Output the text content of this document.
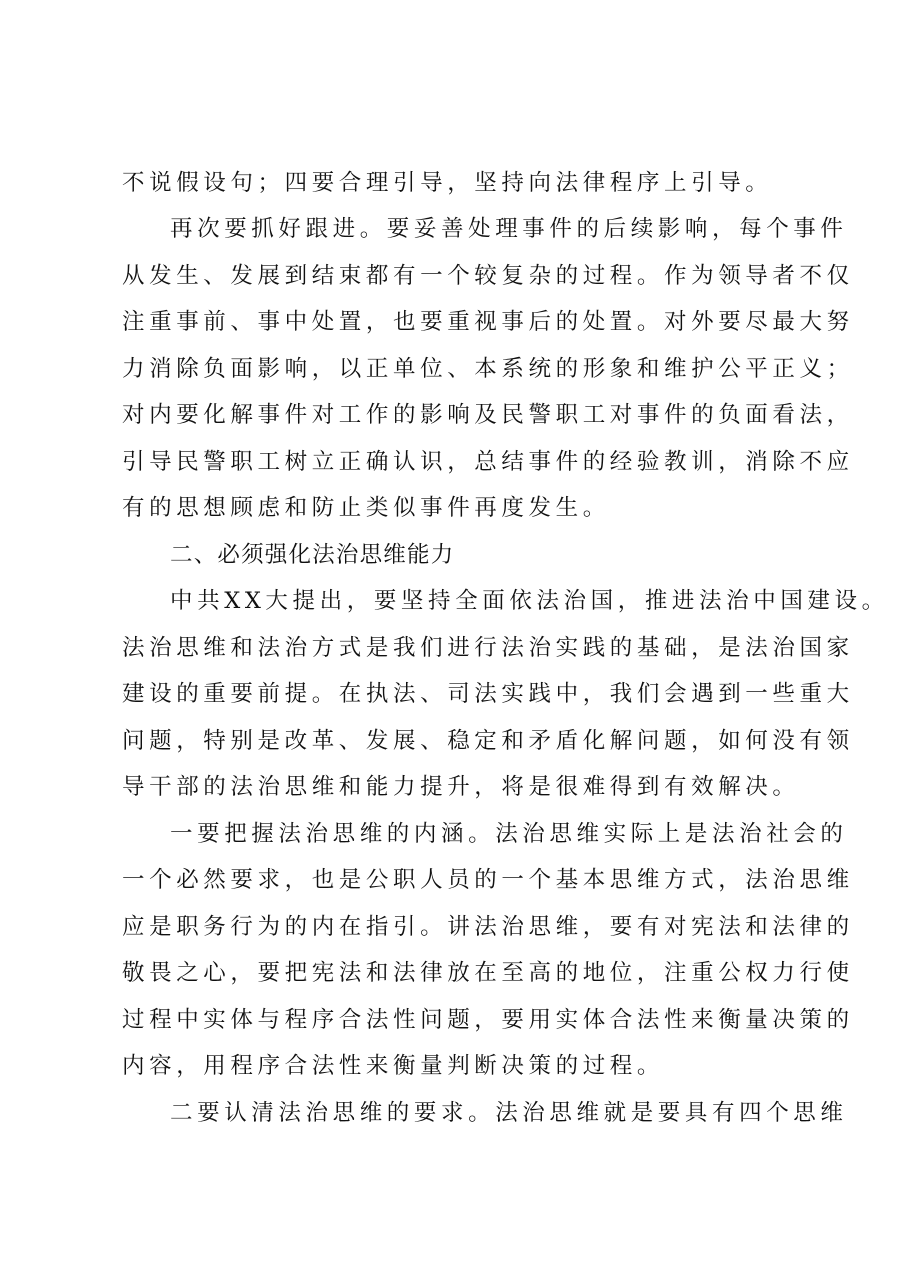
不说假设句；四要合理引导，坚持向法律程序上引导。
再次要抓好跟进。要妥善处理事件的后续影响，每个事件
从发生、发展到结束都有一个较复杂的过程。作为领导者不仅
注重事前、事中处置，也要重视事后的处置。对外要尽最大努
力消除负面影响，以正单位、本系统的形象和维护公平正义；
对内要化解事件对工作的影响及民警职工对事件的负面看法，
引导民警职工树立正确认识，总结事件的经验教训，消除不应
有的思想顾虑和防止类似事件再度发生。
二、必须强化法治思维能力
中共XX大提出，要坚持全面依法治国，推进法治中国建设。
法治思维和法治方式是我们进行法治实践的基础，是法治国家
建设的重要前提。在执法、司法实践中，我们会遇到一些重大
问题，特别是改革、发展、稳定和矛盾化解问题，如何没有领
导干部的法治思维和能力提升，将是很难得到有效解决。
一要把握法治思维的内涵。法治思维实际上是法治社会的
一个必然要求，也是公职人员的一个基本思维方式，法治思维
应是职务行为的内在指引。讲法治思维，要有对宪法和法律的
敬畏之心，要把宪法和法律放在至高的地位，注重公权力行使
过程中实体与程序合法性问题，要用实体合法性来衡量决策的
内容，用程序合法性来衡量判断决策的过程。
二要认清法治思维的要求。法治思维就是要具有四个思维
